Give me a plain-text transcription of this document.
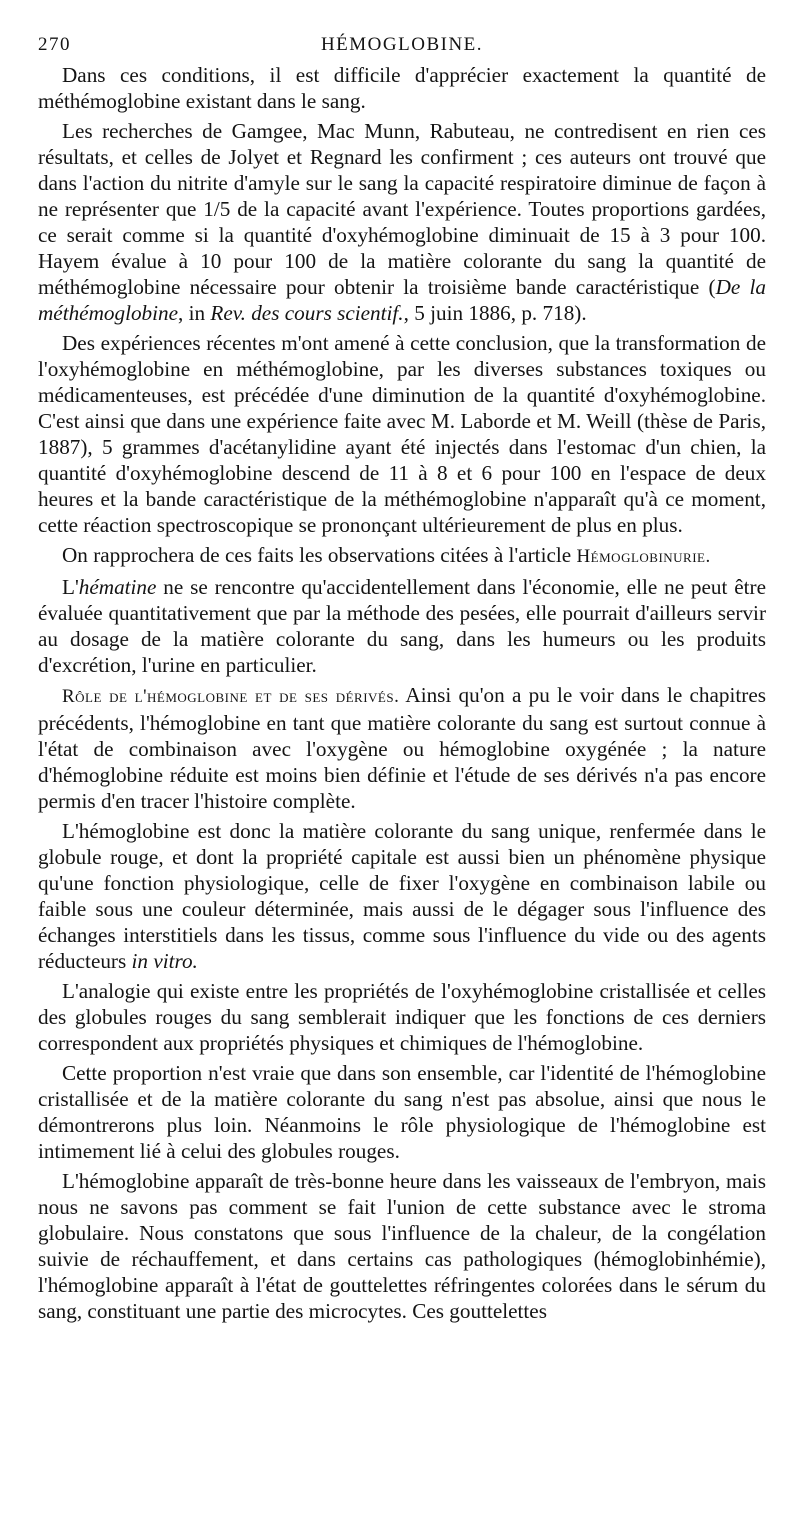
270	HÉMOGLOBINE.

Dans ces conditions, il est difficile d'apprécier exactement la quantité de méthémoglobine existant dans le sang.

Les recherches de Gamgee, Mac Munn, Rabuteau, ne contredisent en rien ces résultats, et celles de Jolyet et Regnard les confirment ; ces auteurs ont trouvé que dans l'action du nitrite d'amyle sur le sang la capacité respiratoire diminue de façon à ne représenter que 1/5 de la capacité avant l'expérience. Toutes proportions gardées, ce serait comme si la quantité d'oxyhémoglobine diminuait de 15 à 3 pour 100. Hayem évalue à 10 pour 100 de la matière colorante du sang la quantité de méthémoglobine nécessaire pour obtenir la troisième bande caractéristique (De la méthémoglobine, in Rev. des cours scientif., 5 juin 1886, p. 718).

Des expériences récentes m'ont amené à cette conclusion, que la transformation de l'oxyhémoglobine en méthémoglobine, par les diverses substances toxiques ou médicamenteuses, est précédée d'une diminution de la quantité d'oxyhémoglobine. C'est ainsi que dans une expérience faite avec M. Laborde et M. Weill (thèse de Paris, 1887), 5 grammes d'acétanylidine ayant été injectés dans l'estomac d'un chien, la quantité d'oxyhémoglobine descend de 11 à 8 et 6 pour 100 en l'espace de deux heures et la bande caractéristique de la méthémoglobine n'apparaît qu'à ce moment, cette réaction spectroscopique se prononçant ultérieurement de plus en plus.

On rapprochera de ces faits les observations citées à l'article Hémoglobinurie.

L'hématine ne se rencontre qu'accidentellement dans l'économie, elle ne peut être évaluée quantitativement que par la méthode des pesées, elle pourrait d'ailleurs servir au dosage de la matière colorante du sang, dans les humeurs ou les produits d'excrétion, l'urine en particulier.

Rôle de l'hémoglobine et de ses dérivés. Ainsi qu'on a pu le voir dans le chapitres précédents, l'hémoglobine en tant que matière colorante du sang est surtout connue à l'état de combinaison avec l'oxygène ou hémoglobine oxygénée ; la nature d'hémoglobine réduite est moins bien définie et l'étude de ses dérivés n'a pas encore permis d'en tracer l'histoire complète.

L'hémoglobine est donc la matière colorante du sang unique, renfermée dans le globule rouge, et dont la propriété capitale est aussi bien un phénomène physique qu'une fonction physiologique, celle de fixer l'oxygène en combinaison labile ou faible sous une couleur déterminée, mais aussi de le dégager sous l'influence des échanges interstitiels dans les tissus, comme sous l'influence du vide ou des agents réducteurs in vitro.

L'analogie qui existe entre les propriétés de l'oxyhémoglobine cristallisée et celles des globules rouges du sang semblerait indiquer que les fonctions de ces derniers correspondent aux propriétés physiques et chimiques de l'hémoglobine.

Cette proportion n'est vraie que dans son ensemble, car l'identité de l'hémoglobine cristallisée et de la matière colorante du sang n'est pas absolue, ainsi que nous le démontrerons plus loin. Néanmoins le rôle physiologique de l'hémoglobine est intimement lié à celui des globules rouges.

L'hémoglobine apparaît de très-bonne heure dans les vaisseaux de l'embryon, mais nous ne savons pas comment se fait l'union de cette substance avec le stroma globulaire. Nous constatons que sous l'influence de la chaleur, de la congélation suivie de réchauffement, et dans certains cas pathologiques (hémoglobinhémie), l'hémoglobine apparaît à l'état de gouttelettes réfringentes colorées dans le sérum du sang, constituant une partie des microcytes. Ces gouttelettes
